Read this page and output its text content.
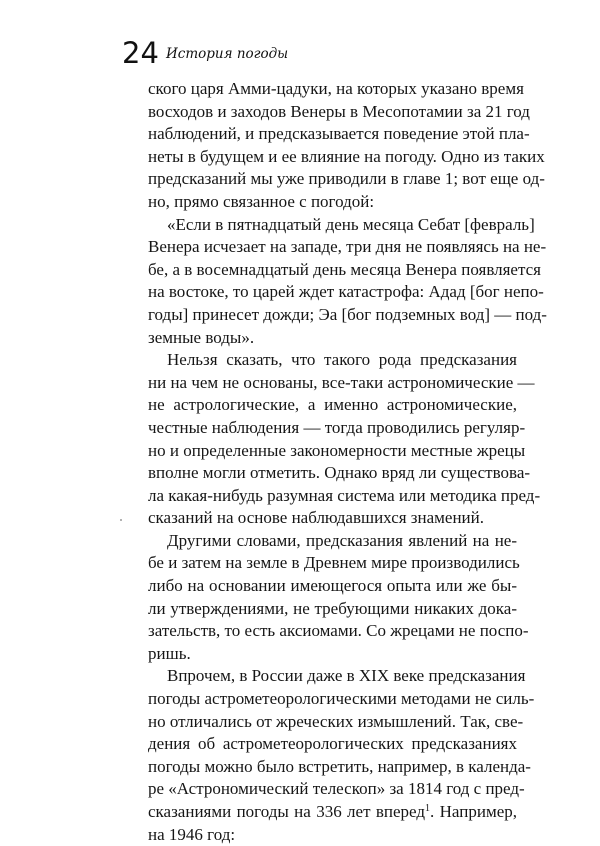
24 История погоды
ского царя Амми-цадуки, на которых указано время
восходов и заходов Венеры в Месопотамии за 21 год
наблюдений, и предсказывается поведение этой пла-
неты в будущем и ее влияние на погоду. Одно из таких
предсказаний мы уже приводили в главе 1; вот еще од-
но, прямо связанное с погодой:
«Если в пятнадцатый день месяца Себат [февраль]
Венера исчезает на западе, три дня не появляясь на не-
бе, а в восемнадцатый день месяца Венера появляется
на востоке, то царей ждет катастрофа: Адад [бог непо-
годы] принесет дожди; Эа [бог подземных вод] — под-
земные воды».
Нельзя сказать, что такого рода предсказания
ни на чем не основаны, все-таки астрономические —
не астрологические, а именно астрономические,
честные наблюдения — тогда проводились регуляр-
но и определенные закономерности местные жрецы
вполне могли отметить. Однако вряд ли существова-
ла какая-нибудь разумная система или методика пред-
сказаний на основе наблюдавшихся знамений.
Другими словами, предсказания явлений на не-
бе и затем на земле в Древнем мире производились
либо на основании имеющегося опыта или же бы-
ли утверждениями, не требующими никаких дока-
зательств, то есть аксиомами. Со жрецами не поспо-
ришь.
Впрочем, в России даже в XIX веке предсказания
погоды астрометеорологическими методами не силь-
но отличались от жреческих измышлений. Так, све-
дения об астрометеорологических предсказаниях
погоды можно было встретить, например, в календа-
ре «Астрономический телескоп» за 1814 год с пред-
сказаниями погоды на 336 лет вперед$^1$. Например,
на 1946 год:
